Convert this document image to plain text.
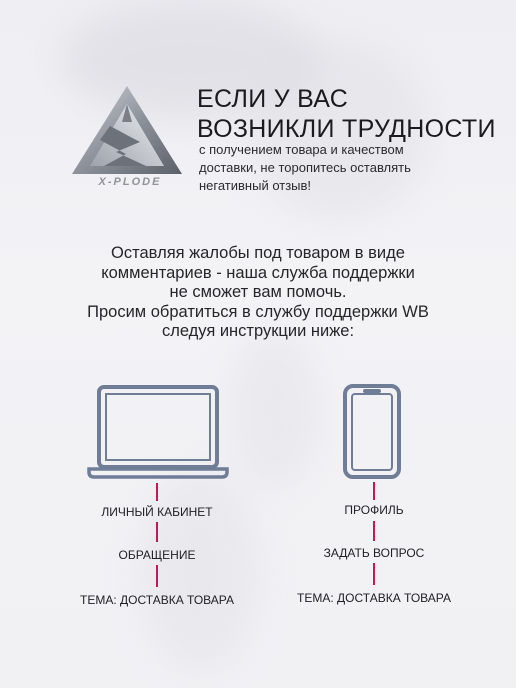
X-PLODE
ЕСЛИ У ВАС
ВОЗНИКЛИ ТРУДНОСТИ

с получением товара и качеством
доставки, не торопитесь оставлять
негативный отзыв!

Оставляя жалобы под товаром в виде

комментариев - наша служба поддержки

не сможет вам помочь.

Просим обратиться в службу поддержки WB

следуя инструкции ниже:

ЛИЧНЫЙ КАБИНЕТ
ОБРАЩЕНИЕ
ТЕМА: ДОСТАВКА ТОВАРА
ПРОФИЛЬ
ЗАДАТЬ ВОПРОС
ТЕМА: ДОСТАВКА ТОВАРА
